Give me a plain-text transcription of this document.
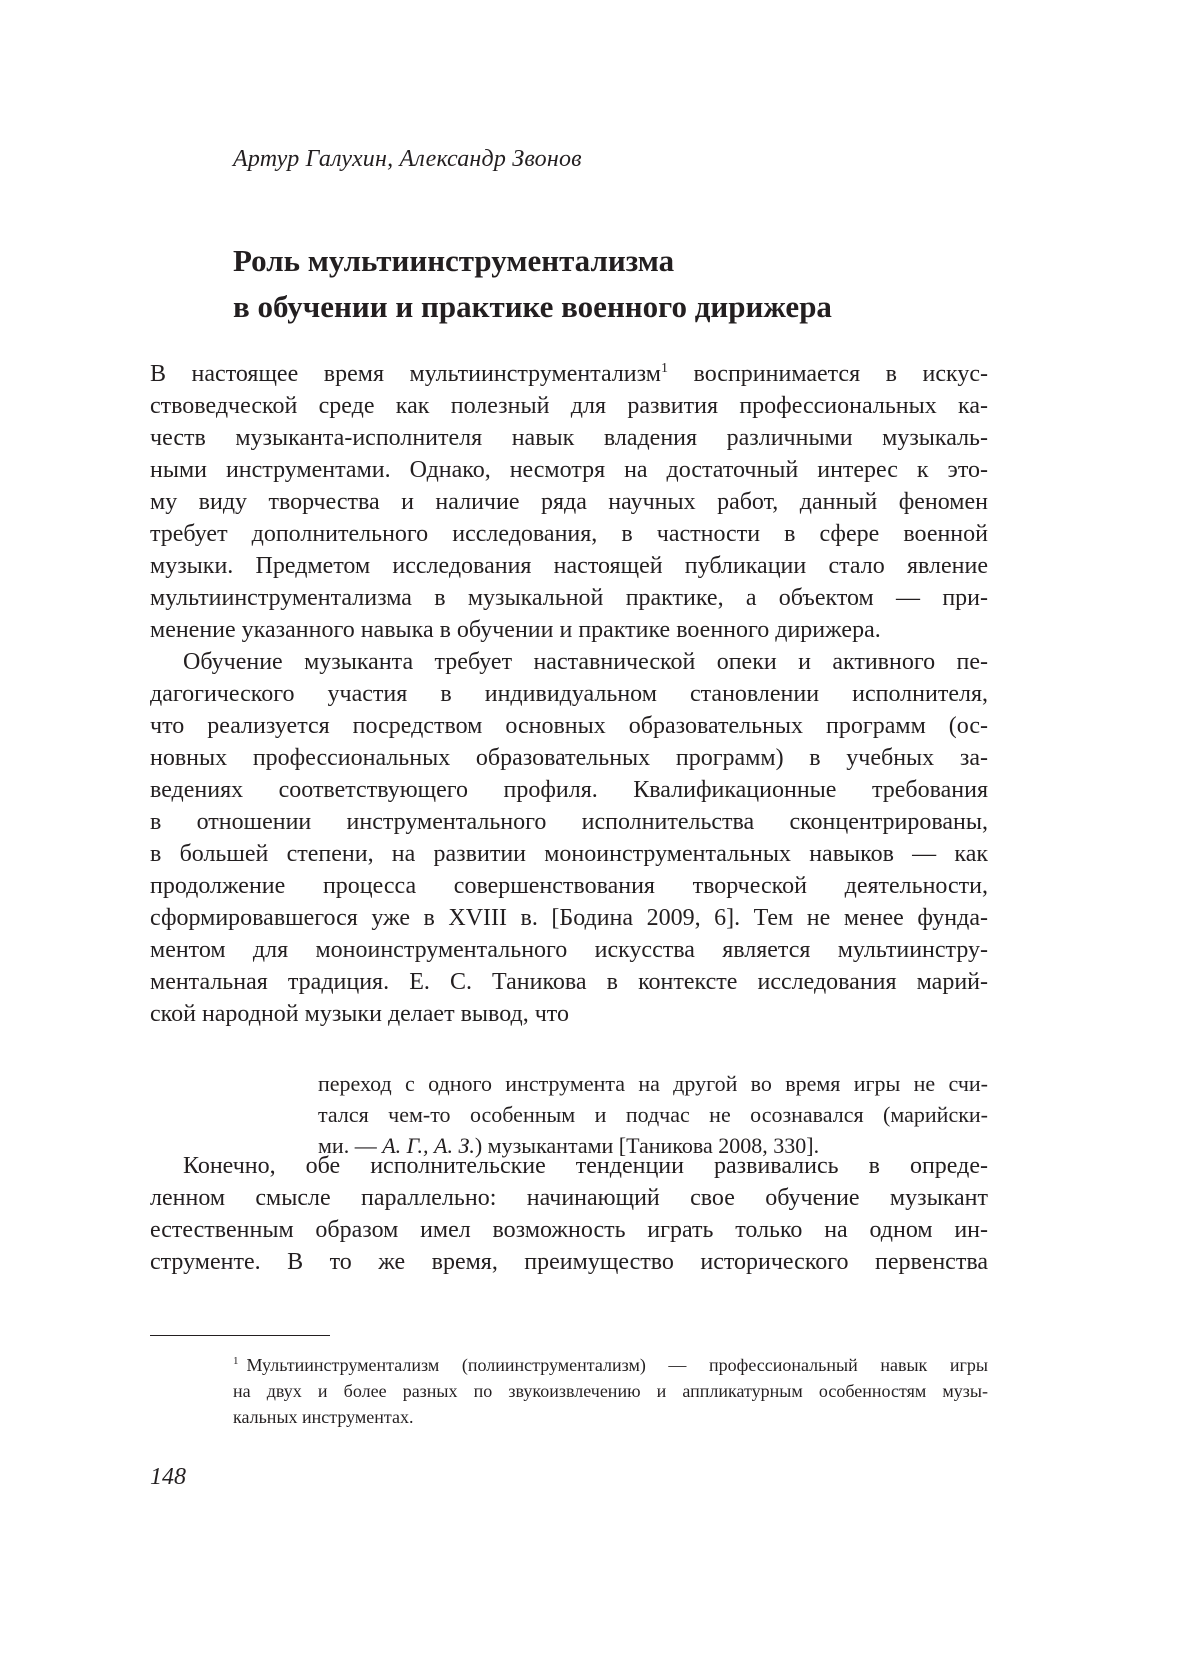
Артур Галухин, Александр Звонов
Роль мультиинструментализма
в обучении и практике военного дирижера
В настоящее время мультиинструментализм$^1$ воспринимается в искус-
ствоведческой среде как полезный для развития профессиональных ка-
честв музыканта-исполнителя навык владения различными музыкаль-
ными инструментами. Однако, несмотря на достаточный интерес к это-
му виду творчества и наличие ряда научных работ, данный феномен
требует дополнительного исследования, в частности в сфере военной
музыки. Предметом исследования настоящей публикации стало явление
мультиинструментализма в музыкальной практике, а объектом — при-
менение указанного навыка в обучении и практике военного дирижера.
Обучение музыканта требует наставнической опеки и активного пе-
дагогического участия в индивидуальном становлении исполнителя,
что реализуется посредством основных образовательных программ (ос-
новных профессиональных образовательных программ) в учебных за-
ведениях соответствующего профиля. Квалификационные требования
в отношении инструментального исполнительства сконцентрированы,
в большей степени, на развитии моноинструментальных навыков — как
продолжение процесса совершенствования творческой деятельности,
сформировавшегося уже в XVIII в. [Бодина 2009, 6]. Тем не менее фунда-
ментом для моноинструментального искусства является мультиинстру-
ментальная традиция. Е. С. Таникова в контексте исследования марий-
ской народной музыки делает вывод, что
переход с одного инструмента на другой во время игры не счи-
тался чем-то особенным и подчас не осознавался (марийски-
ми. — А. Г., А. З.) музыкантами [Таникова 2008, 330].
Конечно, обе исполнительские тенденции развивались в опреде-
ленном смысле параллельно: начинающий свое обучение музыкант
естественным образом имел возможность играть только на одном ин-
струменте. В то же время, преимущество исторического первенства
$^1$ Мультиинструментализм (полиинструментализм) — профессиональный навык игры
на двух и более разных по звукоизвлечению и аппликатурным особенностям музы-
кальных инструментах.
148
